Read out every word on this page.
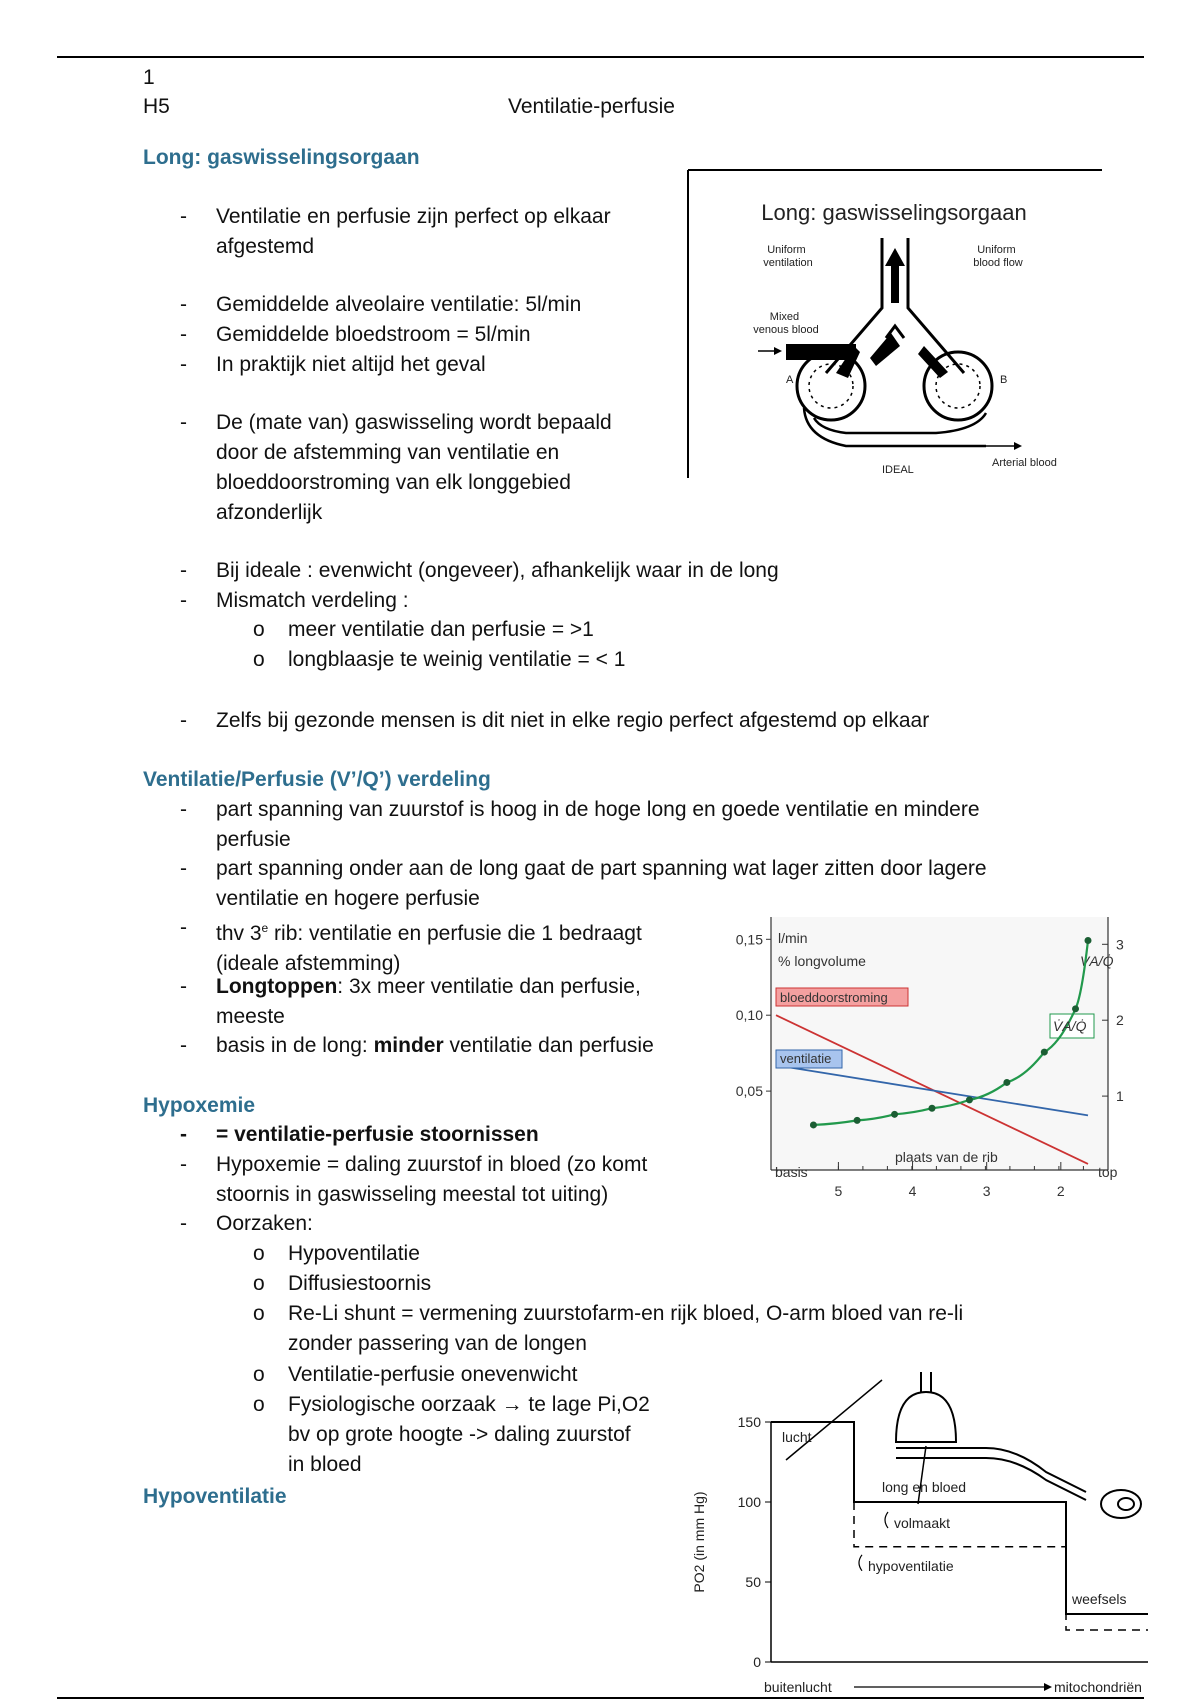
1
H5	Ventilatie-perfusie
Long: gaswisselingsorgaan
- Ventilatie en perfusie zijn perfect op elkaar
afgestemd
- Gemiddelde alveolaire ventilatie: 5l/min
- Gemiddelde bloedstroom = 5l/min
- In praktijk niet altijd het geval
- De (mate van) gaswisseling wordt bepaald
door de afstemming van ventilatie en
bloeddoorstroming van elk longgebied
afzonderlijk
- Bij ideale : evenwicht (ongeveer), afhankelijk waar in de long
- Mismatch verdeling :
o meer ventilatie dan perfusie = >1
o longblaasje te weinig ventilatie = < 1
- Zelfs bij gezonde mensen is dit niet in elke regio perfect afgestemd op elkaar
Long: gaswisselingsorgaan
Uniform ventilation
Uniform blood flow
Mixed venous blood
A	B
IDEAL
Arterial blood
Ventilatie/Perfusie (V’/Q’) verdeling
- part spanning van zuurstof is hoog in de hoge long en goede ventilatie en mindere
perfusie
- part spanning onder aan de long gaat de part spanning wat lager zitten door lagere
ventilatie en hogere perfusie
- thv 3e rib: ventilatie en perfusie die 1 bedraagt
(ideale afstemming)
- Longtoppen: 3x meer ventilatie dan perfusie,
meeste
- basis in de long: minder ventilatie dan perfusie
l/min
% longvolume
basis	top
plaats van de rib
V̇A/Q̇
0,15
0,10
0,05
3
2
1
5	4	3	2
bloeddoorstroming
ventilatie
V̇A/Q̇
Hypoxemie
- = ventilatie-perfusie stoornissen
- Hypoxemie = daling zuurstof in bloed (zo komt
stoornis in gaswisseling meestal tot uiting)
- Oorzaken:
o Hypoventilatie
o Diffusiestoornis
o Re-Li shunt = vermening zuurstofarm-en rijk bloed, O-arm bloed van re-li
zonder passering van de longen
o Ventilatie-perfusie onevenwicht
o Fysiologische oorzaak → te lage Pi,O2
bv op grote hoogte -> daling zuurstof
in bloed
Hypoventilatie	PO2 (in mm Hg)
150
100
50
0
lucht
long en bloed
weefsels
volmaakt
hypoventilatie
buitenlucht	mitochondriën
